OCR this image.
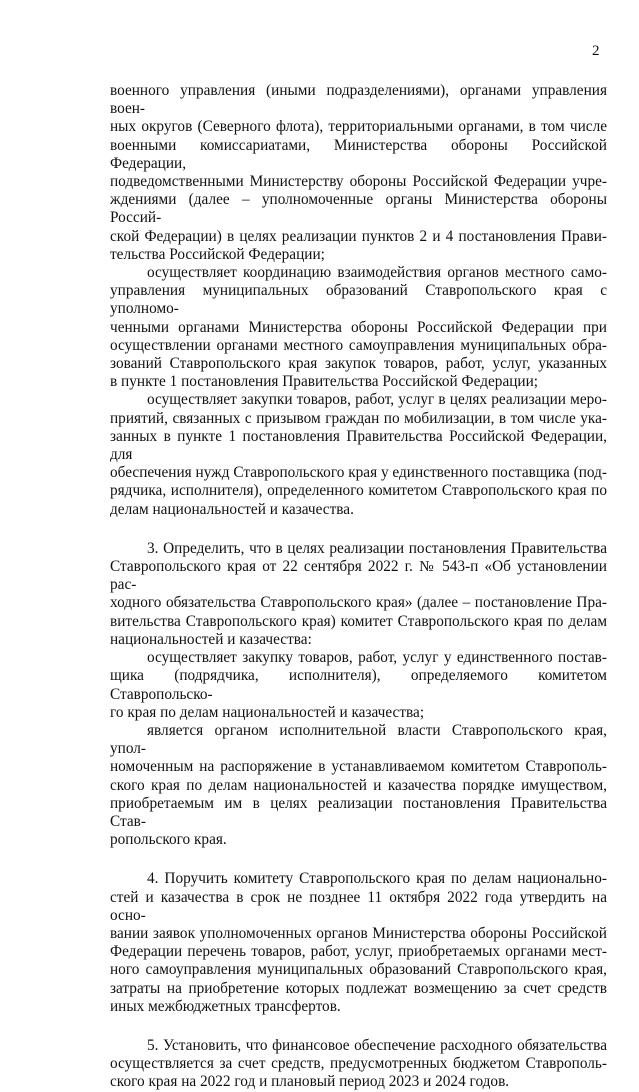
2

военного управления (иными подразделениями), органами управления воен-

ных округов (Северного флота), территориальными органами, в том числе

военными комиссариатами, Министерства обороны Российской Федерации,

подведомственными Министерству обороны Российской Федерации учре-

ждениями (далее – уполномоченные органы Министерства обороны Россий-

ской Федерации) в целях реализации пунктов 2 и 4 постановления Прави-

тельства Российской Федерации;

осуществляет координацию взаимодействия органов местного само-

управления муниципальных образований Ставропольского края с уполномо-

ченными органами Министерства обороны Российской Федерации при

осуществлении органами местного самоуправления муниципальных обра-

зований Ставропольского края закупок товаров, работ, услуг, указанных

в пункте 1 постановления Правительства Российской Федерации;

осуществляет закупки товаров, работ, услуг в целях реализации меро-

приятий, связанных с призывом граждан по мобилизации, в том числе ука-

занных в пункте 1 постановления Правительства Российской Федерации, для

обеспечения нужд Ставропольского края у единственного поставщика (под-

рядчика, исполнителя), определенного комитетом Ставропольского края по

делам национальностей и казачества.

3. Определить, что в целях реализации постановления Правительства

Ставропольского края от 22 сентября 2022 г. № 543-п «Об установлении рас-

ходного обязательства Ставропольского края» (далее – постановление Пра-

вительства Ставропольского края) комитет Ставропольского края по делам

национальностей и казачества:

осуществляет закупку товаров, работ, услуг у единственного постав-

щика (подрядчика, исполнителя), определяемого комитетом Ставропольско-

го края по делам национальностей и казачества;

является органом исполнительной власти Ставропольского края, упол-

номоченным на распоряжение в устанавливаемом комитетом Ставрополь-

ского края по делам национальностей и казачества порядке имуществом,

приобретаемым им в целях реализации постановления Правительства Став-

ропольского края.

4. Поручить комитету Ставропольского края по делам национально-

стей и казачества в срок не позднее 11 октября 2022 года утвердить на осно-

вании заявок уполномоченных органов Министерства обороны Российской

Федерации перечень товаров, работ, услуг, приобретаемых органами мест-

ного самоуправления муниципальных образований Ставропольского края,

затраты на приобретение которых подлежат возмещению за счет средств

иных межбюджетных трансфертов.

5. Установить, что финансовое обеспечение расходного обязательства

осуществляется за счет средств, предусмотренных бюджетом Ставрополь-

ского края на 2022 год и плановый период 2023 и 2024 годов.
